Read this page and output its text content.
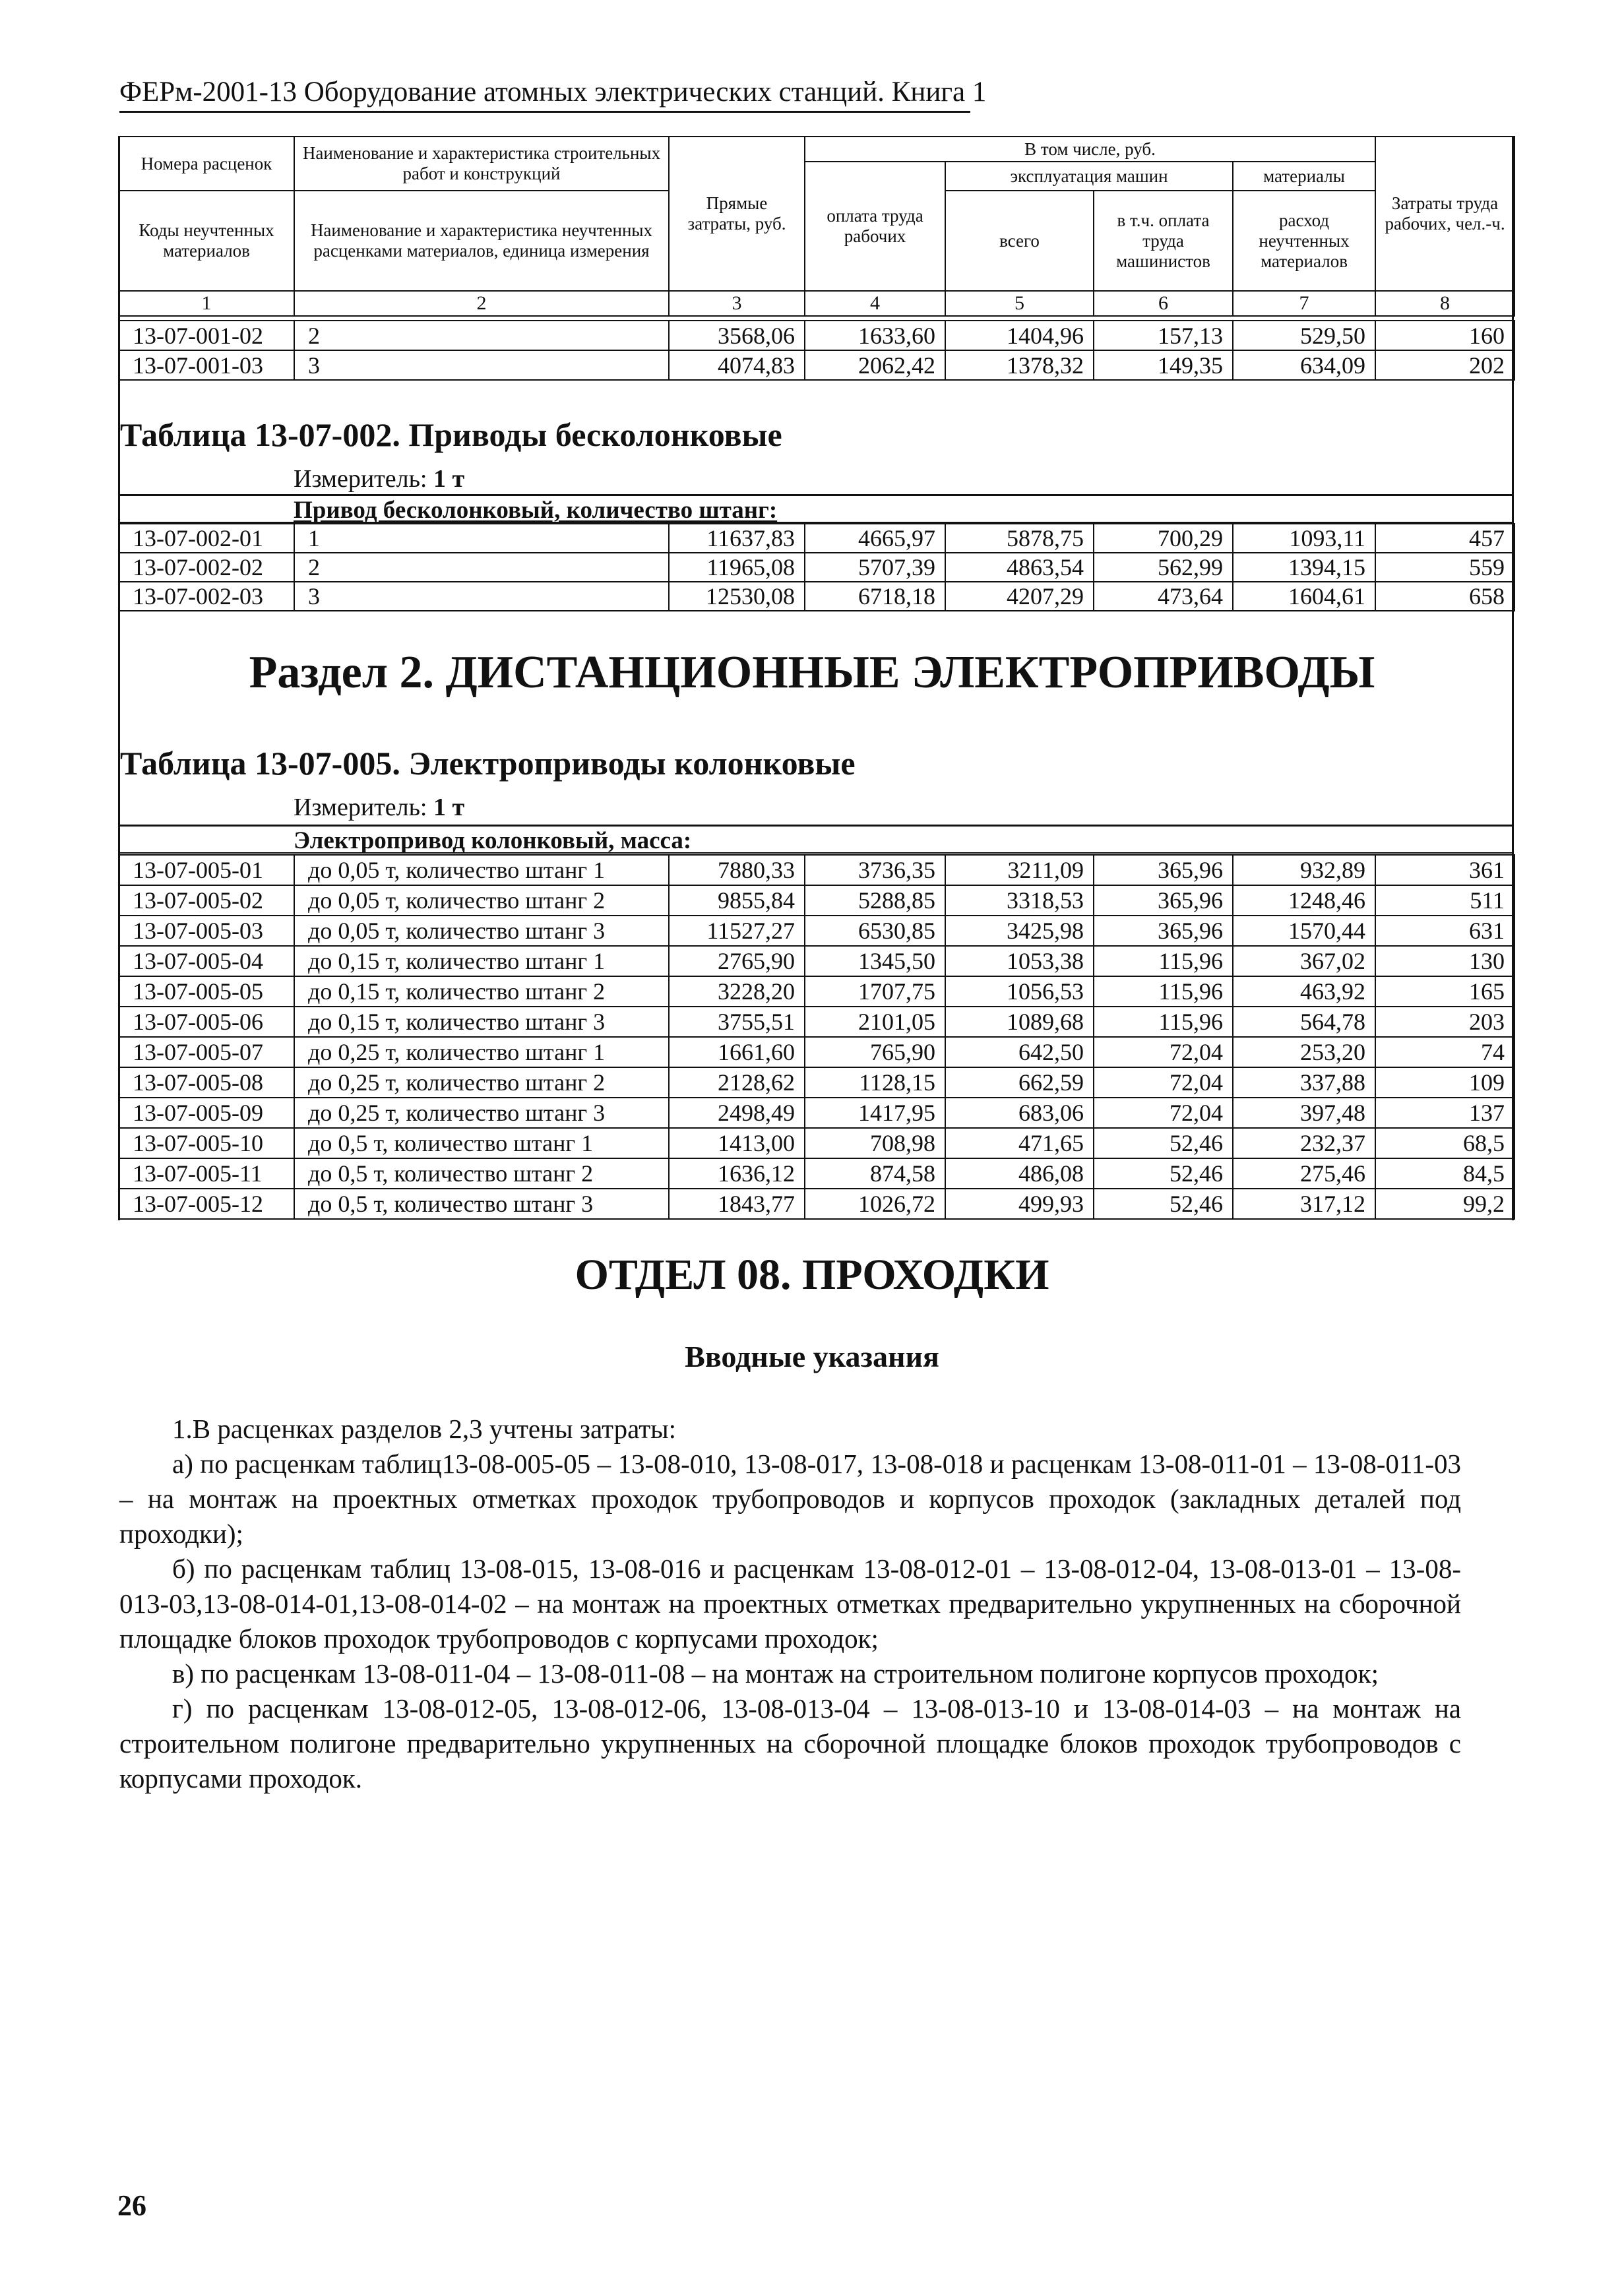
ФЕРм-2001-13 Оборудование атомных электрических станций. Книга 1
Номера расценок	Наименование и характеристика строительных работ и конструкций	Прямые затраты, руб.	В том числе, руб.				Затраты труда рабочих, чел.-ч.
			оплата труда рабочих	эксплуатация машин		материалы	
Коды неучтенных материалов	Наименование и характеристика неучтенных расценками материалов, единица измерения			всего	в т.ч. оплата труда машинистов	расход неучтенных материалов	

1	2	3	4	5	6	7	8
13-07-001-02	2	3568,06	1633,60	1404,96	157,13	529,50	160
13-07-001-03	3	4074,83	2062,42	1378,32	149,35	634,09	202
Таблица 13-07-002. Приводы бесколонковые
Измеритель: 1 т
Привод бесколонковый, количество штанг:
13-07-002-01	1	11637,83	4665,97	5878,75	700,29	1093,11	457
13-07-002-02	2	11965,08	5707,39	4863,54	562,99	1394,15	559
13-07-002-03	3	12530,08	6718,18	4207,29	473,64	1604,61	658
Раздел 2. ДИСТАНЦИОННЫЕ ЭЛЕКТРОПРИВОДЫ
Таблица 13-07-005. Электроприводы колонковые
Измеритель: 1 т
Электропривод колонковый, масса:
13-07-005-01	до 0,05 т, количество штанг 1	7880,33	3736,35	3211,09	365,96	932,89	361
13-07-005-02	до 0,05 т, количество штанг 2	9855,84	5288,85	3318,53	365,96	1248,46	511
13-07-005-03	до 0,05 т, количество штанг 3	11527,27	6530,85	3425,98	365,96	1570,44	631
13-07-005-04	до 0,15 т, количество штанг 1	2765,90	1345,50	1053,38	115,96	367,02	130
13-07-005-05	до 0,15 т, количество штанг 2	3228,20	1707,75	1056,53	115,96	463,92	165
13-07-005-06	до 0,15 т, количество штанг 3	3755,51	2101,05	1089,68	115,96	564,78	203
13-07-005-07	до 0,25 т, количество штанг 1	1661,60	765,90	642,50	72,04	253,20	74
13-07-005-08	до 0,25 т, количество штанг 2	2128,62	1128,15	662,59	72,04	337,88	109
13-07-005-09	до 0,25 т, количество штанг 3	2498,49	1417,95	683,06	72,04	397,48	137
13-07-005-10	до 0,5 т, количество штанг 1	1413,00	708,98	471,65	52,46	232,37	68,5
13-07-005-11	до 0,5 т, количество штанг 2	1636,12	874,58	486,08	52,46	275,46	84,5
13-07-005-12	до 0,5 т, количество штанг 3	1843,77	1026,72	499,93	52,46	317,12	99,2
ОТДЕЛ 08. ПРОХОДКИ
Вводные указания
1.В расценках разделов 2,3 учтены затраты:
а) по расценкам таблиц13-08-005-05 – 13-08-010, 13-08-017, 13-08-018 и расценкам 13-08-011-01 – 13-08-011-03 – на монтаж на проектных отметках проходок трубопроводов и корпусов проходок (закладных деталей под проходки);
б) по расценкам таблиц 13-08-015, 13-08-016 и расценкам 13-08-012-01 – 13-08-012-04, 13-08-013-01 – 13-08-013-03,13-08-014-01,13-08-014-02 – на монтаж на проектных отметках предварительно укрупненных на сборочной площадке блоков проходок трубопроводов с корпусами проходок;
в) по расценкам 13-08-011-04 – 13-08-011-08 – на монтаж на строительном полигоне корпусов проходок;
г) по расценкам 13-08-012-05, 13-08-012-06, 13-08-013-04 – 13-08-013-10 и 13-08-014-03 – на монтаж на строительном полигоне предварительно укрупненных на сборочной площадке блоков проходок трубопроводов с корпусами проходок.
26
